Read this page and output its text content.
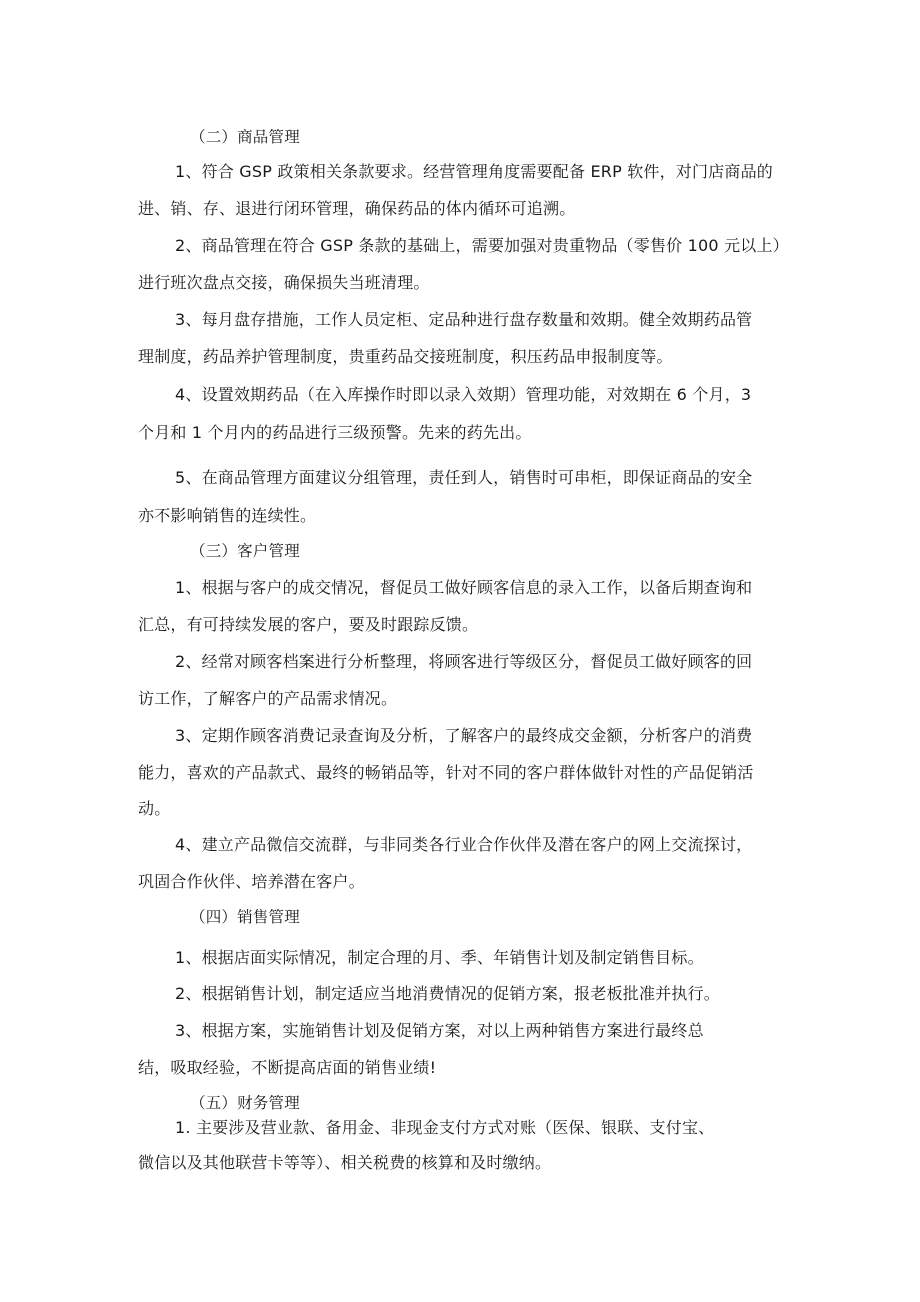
（二）商品管理
1、符合 GSP 政策相关条款要求。经营管理角度需要配备 ERP 软件，对门店商品的
进、销、存、退进行闭环管理，确保药品的体内循环可追溯。
2、商品管理在符合 GSP 条款的基础上，需要加强对贵重物品（零售价 100 元以上）
进行班次盘点交接，确保损失当班清理。
3、每月盘存措施，工作人员定柜、定品种进行盘存数量和效期。健全效期药品管
理制度，药品养护管理制度，贵重药品交接班制度，积压药品申报制度等。
4、设置效期药品（在入库操作时即以录入效期）管理功能，对效期在 6 个月，3
个月和 1 个月内的药品进行三级预警。先来的药先出。
5、在商品管理方面建议分组管理，责任到人，销售时可串柜，即保证商品的安全
亦不影响销售的连续性。
（三）客户管理
1、根据与客户的成交情况，督促员工做好顾客信息的录入工作，以备后期查询和
汇总，有可持续发展的客户，要及时跟踪反馈。
2、经常对顾客档案进行分析整理，将顾客进行等级区分，督促员工做好顾客的回
访工作，了解客户的产品需求情况。
3、定期作顾客消费记录查询及分析，了解客户的最终成交金额，分析客户的消费
能力，喜欢的产品款式、最终的畅销品等，针对不同的客户群体做针对性的产品促销活
动。
4、建立产品微信交流群，与非同类各行业合作伙伴及潜在客户的网上交流探讨，
巩固合作伙伴、培养潜在客户。
（四）销售管理
1、根据店面实际情况，制定合理的月、季、年销售计划及制定销售目标。
2、根据销售计划，制定适应当地消费情况的促销方案，报老板批准并执行。
3、根据方案，实施销售计划及促销方案，对以上两种销售方案进行最终总
结，吸取经验，不断提高店面的销售业绩!
（五）财务管理
1. 主要涉及营业款、备用金、非现金支付方式对账（医保、银联、支付宝、
微信以及其他联营卡等等）、相关税费的核算和及时缴纳。
